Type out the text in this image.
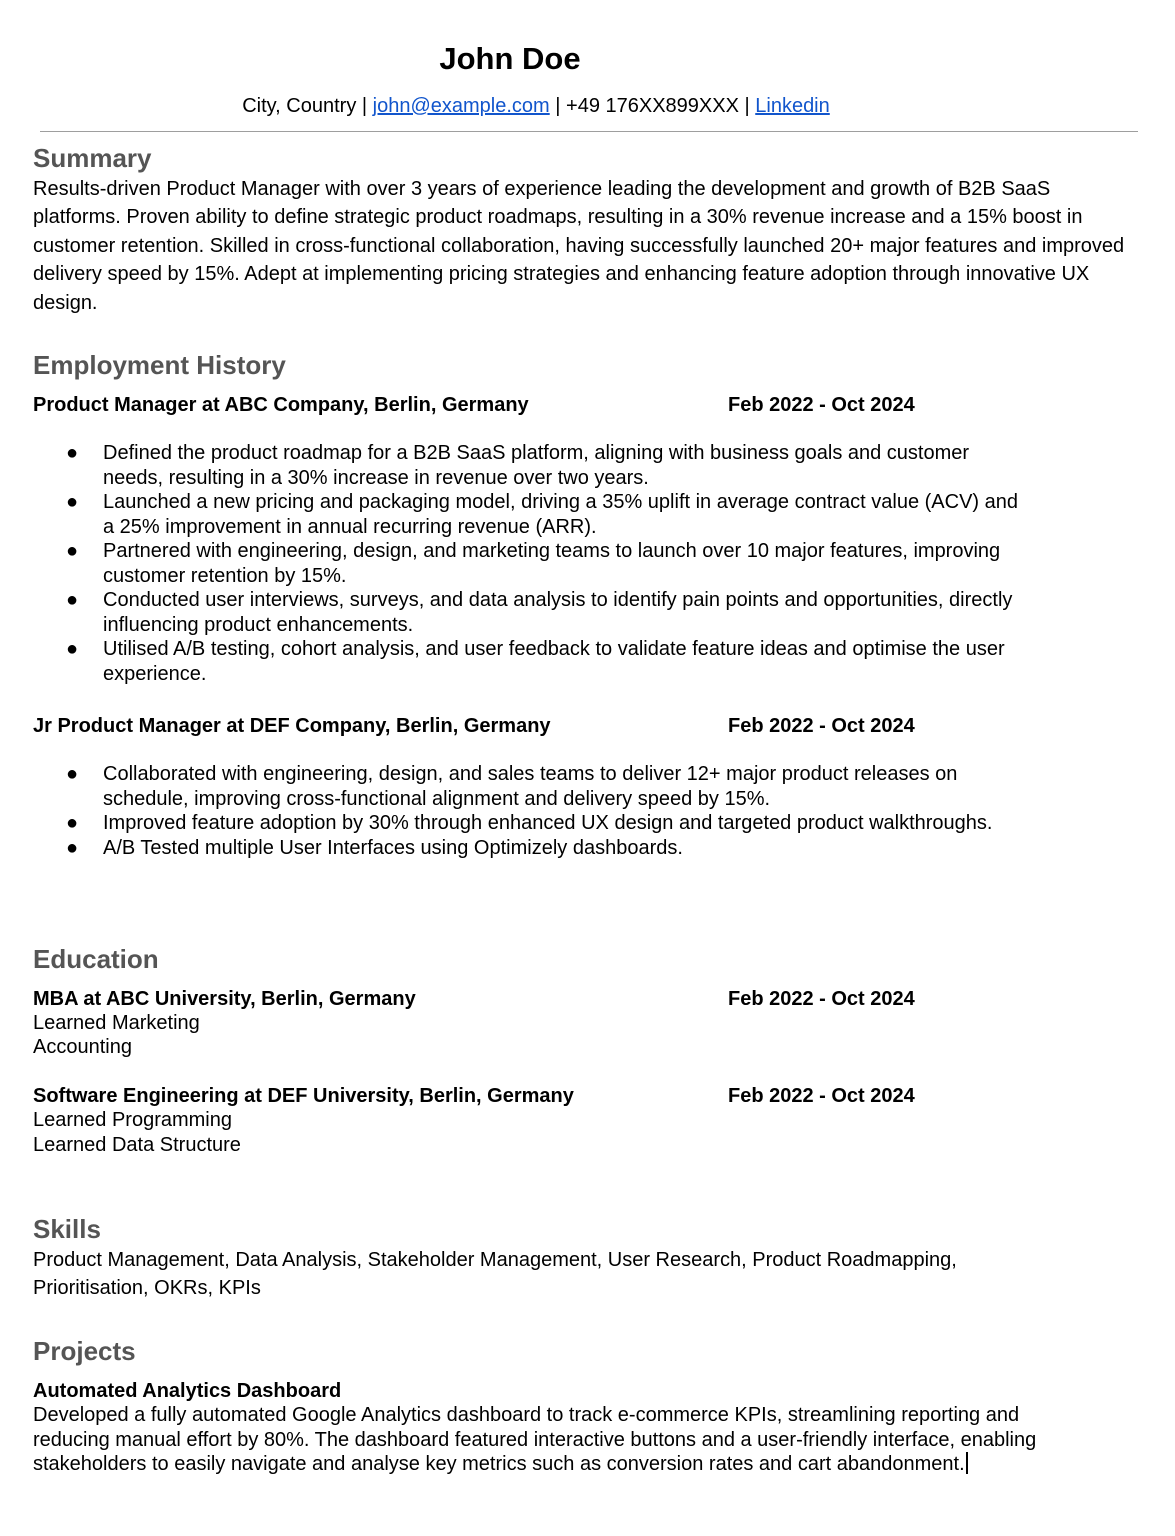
John Doe
City, Country | john@example.com | +49 176XX899XXX | Linkedin
Summary
Results-driven Product Manager with over 3 years of experience leading the development and growth of B2B SaaS platforms. Proven ability to define strategic product roadmaps, resulting in a 30% revenue increase and a 15% boost in customer retention. Skilled in cross-functional collaboration, having successfully launched 20+ major features and improved delivery speed by 15%. Adept at implementing pricing strategies and enhancing feature adoption through innovative UX design.
Employment History
Product Manager at ABC Company, Berlin, Germany	Feb 2022 - Oct 2024
● Defined the product roadmap for a B2B SaaS platform, aligning with business goals and customer needs, resulting in a 30% increase in revenue over two years.
● Launched a new pricing and packaging model, driving a 35% uplift in average contract value (ACV) and a 25% improvement in annual recurring revenue (ARR).
● Partnered with engineering, design, and marketing teams to launch over 10 major features, improving customer retention by 15%.
● Conducted user interviews, surveys, and data analysis to identify pain points and opportunities, directly influencing product enhancements.
● Utilised A/B testing, cohort analysis, and user feedback to validate feature ideas and optimise the user experience.
Jr Product Manager at DEF Company, Berlin, Germany	Feb 2022 - Oct 2024
● Collaborated with engineering, design, and sales teams to deliver 12+ major product releases on schedule, improving cross-functional alignment and delivery speed by 15%.
● Improved feature adoption by 30% through enhanced UX design and targeted product walkthroughs.
● A/B Tested multiple User Interfaces using Optimizely dashboards.
Education
MBA at ABC University, Berlin, Germany	Feb 2022 - Oct 2024
Learned Marketing
Accounting
Software Engineering at DEF University, Berlin, Germany	Feb 2022 - Oct 2024
Learned Programming
Learned Data Structure
Skills
Product Management, Data Analysis, Stakeholder Management, User Research, Product Roadmapping, Prioritisation, OKRs, KPIs
Projects
Automated Analytics Dashboard
Developed a fully automated Google Analytics dashboard to track e-commerce KPIs, streamlining reporting and reducing manual effort by 80%. The dashboard featured interactive buttons and a user-friendly interface, enabling stakeholders to easily navigate and analyse key metrics such as conversion rates and cart abandonment.
